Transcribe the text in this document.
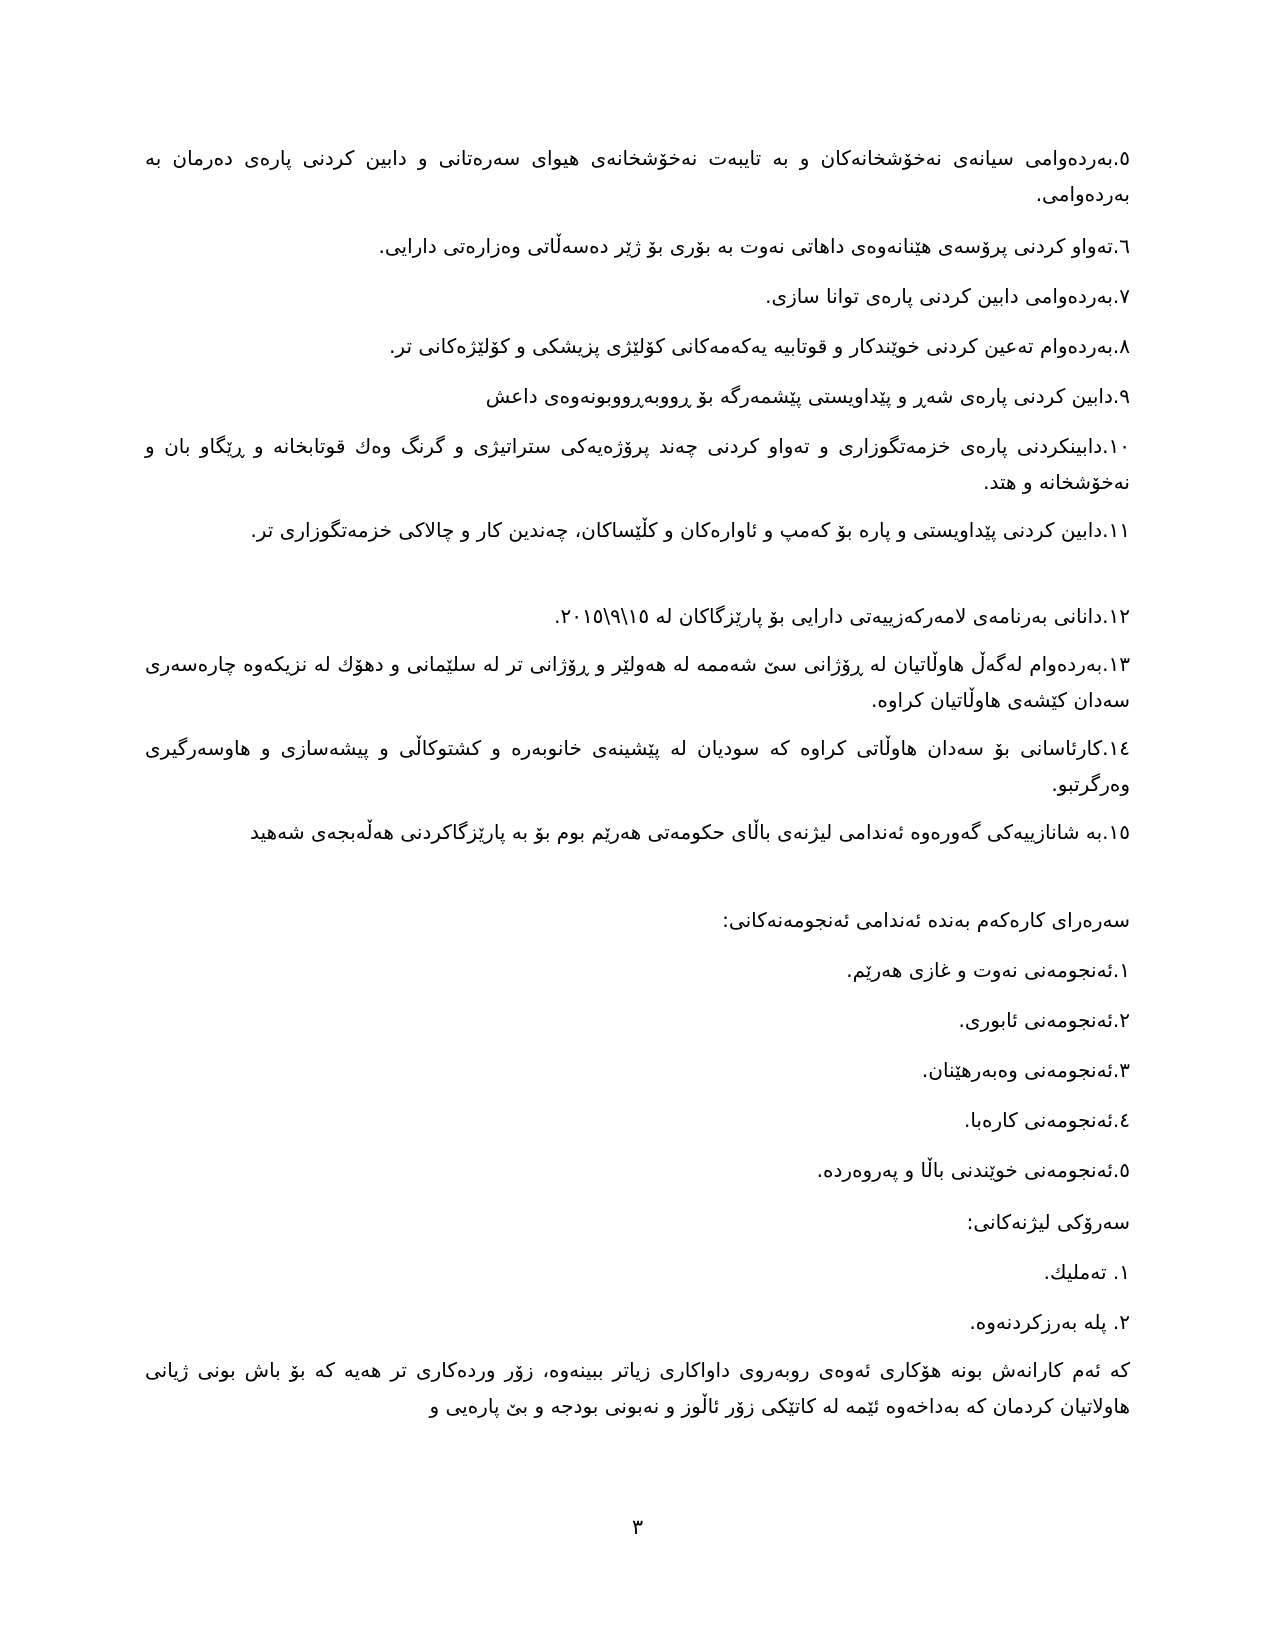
٥.بەردەوامی سیانەی نەخۆشخانەکان و بە تایبەت نەخۆشخانەی هیوای سەرەتانی و دابین کردنی پارەی دەرمان بە بەردەوامی.

٦.تەواو کردنی پرۆسەی هێنانەوەی داهاتی نەوت بە بۆری بۆ ژێر دەسەڵاتی وەزارەتی دارایی.

٧.بەردەوامی دابین کردنی پارەی توانا سازی.

٨.بەردەوام تەعین کردنی خوێندکار و قوتابیە یەکەمەکانی کۆلێژی پزیشکی و کۆلێژەکانی تر.

٩.دابین کردنی پارەی شەڕ و پێداویستی پێشمەرگە بۆ ڕووبەڕووبونەوەی داعش

١٠.دابینکردنی پارەی خزمەتگوزاری و تەواو کردنی چەند پرۆژەیەکی ستراتیژی و گرنگ وەك قوتابخانە و ڕێگاو بان و نەخۆشخانە و هتد.

١١.دابین کردنی پێداویستی و پارە بۆ کەمپ و ئاوارەکان و کڵێساکان، چەندین کار و چالاکی خزمەتگوزاری تر.

١٢.دانانی بەرنامەی لامەرکەزییەتی دارایی بۆ پارێزگاکان لە ١٥\٩\٢٠١٥.

١٣.بەردەوام لەگەڵ هاوڵاتیان لە ڕۆژانی سێ شەممە لە هەولێر و ڕۆژانی تر لە سلێمانی و دهۆك لە نزیکەوە چارەسەری سەدان کێشەی هاوڵاتیان کراوە.

١٤.کارئاسانی بۆ سەدان هاوڵاتی کراوە کە سودیان لە پێشینەی خانوبەرە و کشتوکاڵی و پیشەسازی و هاوسەرگیری وەرگرتبو.

١٥.بە شانازییەکی گەورەوە ئەندامی لیژنەی باڵای حکومەتی هەرێم بوم بۆ بە پارێزگاکردنی هەڵەبجەی شەهید

سەرەرای کارەکەم بەندە ئەندامی ئەنجومەنەکانی:

١.ئەنجومەنی نەوت و غازی هەرێم.

٢.ئەنجومەنی ئابوری.

٣.ئەنجومەنی وەبەرهێنان.

٤.ئەنجومەنی کارەبا.

٥.ئەنجومەنی خوێندنی باڵا و پەروەردە.

سەرۆکی لیژنەکانی:

١. تەملیك.

٢. پلە بەرزکردنەوە.

کە ئەم کارانەش بونە هۆکاری ئەوەی روبەروی داواکاری زیاتر ببینەوە، زۆر وردەکاری تر هەیە کە بۆ باش بونی ژیانی هاولاتیان کردمان کە بەداخەوە ئێمە لە کاتێکی زۆر ئاڵوز و نەبونی بودجە و بێ پارەیی و

٣
